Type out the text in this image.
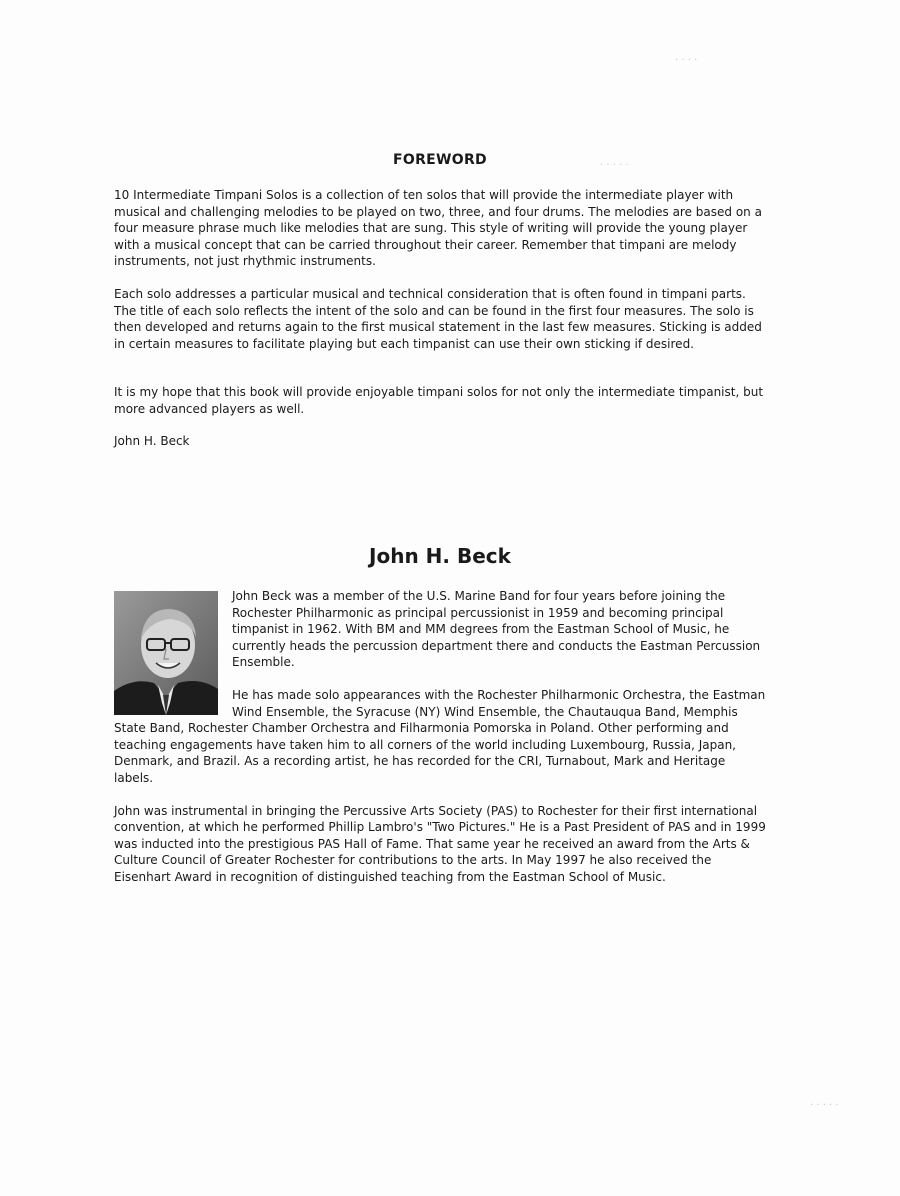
FOREWORD

10 Intermediate Timpani Solos is a collection of ten solos that will provide the intermediate player with musical and challenging melodies to be played on two, three, and four drums. The melodies are based on a four measure phrase much like melodies that are sung. This style of writing will provide the young player with a musical concept that can be carried throughout their career. Remember that timpani are melody instruments, not just rhythmic instruments.

Each solo addresses a particular musical and technical consideration that is often found in timpani parts. The title of each solo reflects the intent of the solo and can be found in the first four measures. The solo is then developed and returns again to the first musical statement in the last few measures. Sticking is added in certain measures to facilitate playing but each timpanist can use their own sticking if desired.

It is my hope that this book will provide enjoyable timpani solos for not only the intermediate timpanist, but more advanced players as well.

John H. Beck
John H. Beck

John Beck was a member of the U.S. Marine Band for four years before joining the Rochester Philharmonic as principal percussionist in 1959 and becoming principal timpanist in 1962. With BM and MM degrees from the Eastman School of Music, he currently heads the percussion department there and conducts the Eastman Percussion Ensemble.

He has made solo appearances with the Rochester Philharmonic Orchestra, the Eastman Wind Ensemble, the Syracuse (NY) Wind Ensemble, the Chautauqua Band, Memphis State Band, Rochester Chamber Orchestra and Filharmonia Pomorska in Poland. Other performing and teaching engagements have taken him to all corners of the world including Luxembourg, Russia, Japan, Denmark, and Brazil. As a recording artist, he has recorded for the CRI, Turnabout, Mark and Heritage labels.

John was instrumental in bringing the Percussive Arts Society (PAS) to Rochester for their first international convention, at which he performed Phillip Lambro's "Two Pictures." He is a Past President of PAS and in 1999 was inducted into the prestigious PAS Hall of Fame. That same year he received an award from the Arts & Culture Council of Greater Rochester for contributions to the arts. In May 1997 he also received the Eisenhart Award in recognition of distinguished teaching from the Eastman School of Music.

· · · ·
· · · · ·
· · · · ·
